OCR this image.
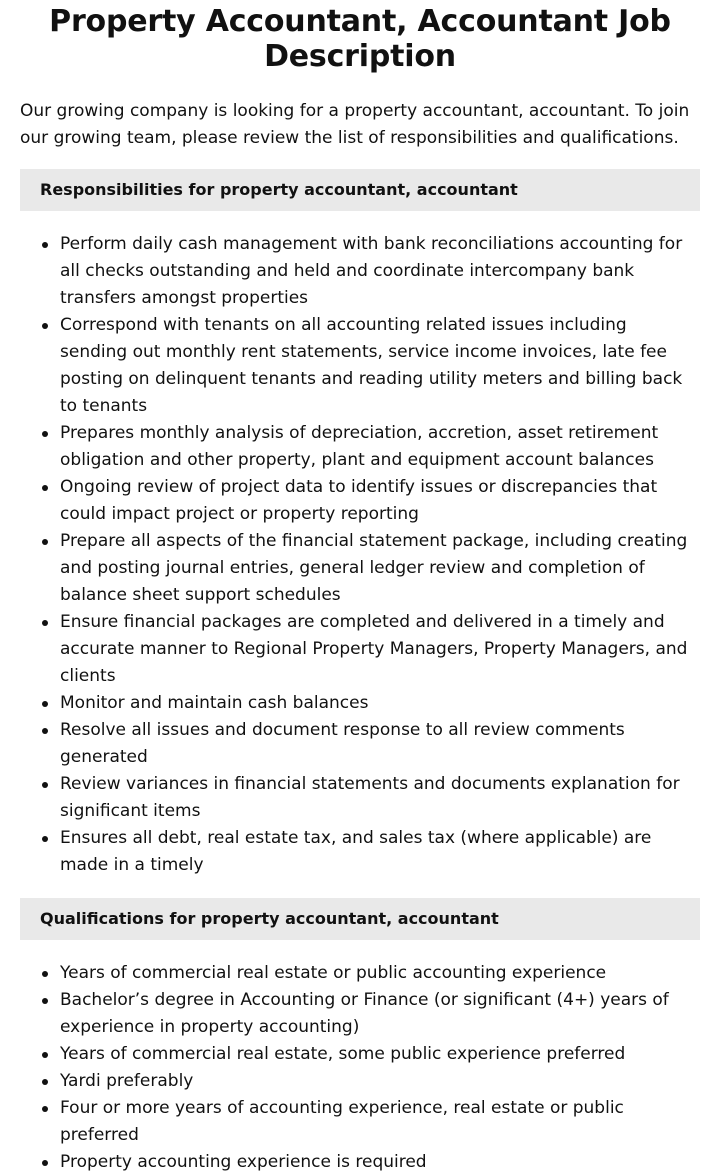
Property Accountant, Accountant Job Description

Our growing company is looking for a property accountant, accountant. To join our growing team, please review the list of responsibilities and qualifications.

Responsibilities for property accountant, accountant
Perform daily cash management with bank reconciliations accounting for all checks outstanding and held and coordinate intercompany bank transfers amongst properties
Correspond with tenants on all accounting related issues including sending out monthly rent statements, service income invoices, late fee posting on delinquent tenants and reading utility meters and billing back to tenants
Prepares monthly analysis of depreciation, accretion, asset retirement obligation and other property, plant and equipment account balances
Ongoing review of project data to identify issues or discrepancies that could impact project or property reporting
Prepare all aspects of the financial statement package, including creating and posting journal entries, general ledger review and completion of balance sheet support schedules
Ensure financial packages are completed and delivered in a timely and accurate manner to Regional Property Managers, Property Managers, and clients
Monitor and maintain cash balances
Resolve all issues and document response to all review comments generated
Review variances in financial statements and documents explanation for significant items
Ensures all debt, real estate tax, and sales tax (where applicable) are made in a timely
Qualifications for property accountant, accountant
Years of commercial real estate or public accounting experience
Bachelor’s degree in Accounting or Finance (or significant (4+) years of experience in property accounting)
Years of commercial real estate, some public experience preferred
Yardi preferably
Four or more years of accounting experience, real estate or public preferred
Property accounting experience is required
